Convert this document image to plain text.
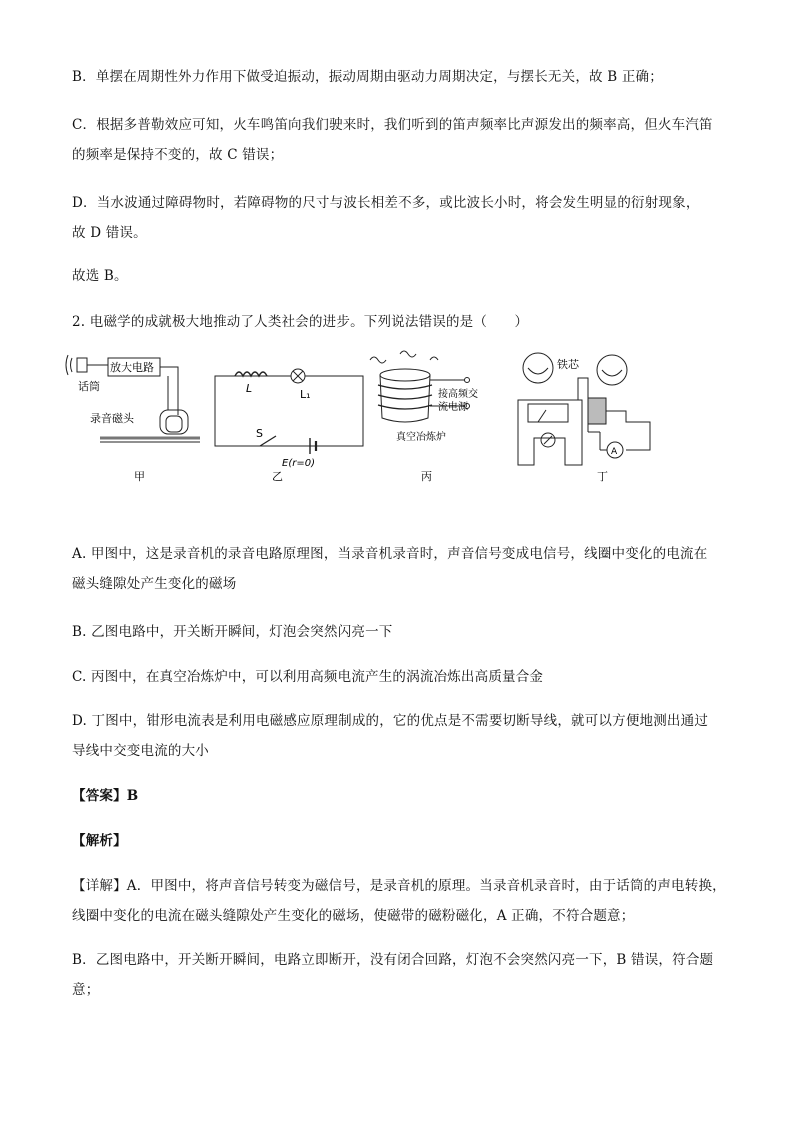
B．单摆在周期性外力作用下做受迫振动，振动周期由驱动力周期决定，与摆长无关，故 B 正确；
C．根据多普勒效应可知，火车鸣笛向我们驶来时，我们听到的笛声频率比声源发出的频率高，但火车汽笛
的频率是保持不变的，故 C 错误；
D．当水波通过障碍物时，若障碍物的尺寸与波长相差不多，或比波长小时，将会发生明显的衍射现象，
故 D 错误。
故选 B。
2. 电磁学的成就极大地推动了人类社会的进步。下列说法错误的是（　　）
放大电路
话筒
录音磁头
甲
L	L₁
S
E(r=0)
乙
接高频交
流电源
真空冶炼炉
丙
铁芯
A
丁
A. 甲图中，这是录音机的录音电路原理图，当录音机录音时，声音信号变成电信号，线圈中变化的电流在
磁头缝隙处产生变化的磁场
B. 乙图电路中，开关断开瞬间，灯泡会突然闪亮一下
C. 丙图中，在真空冶炼炉中，可以利用高频电流产生的涡流冶炼出高质量合金
D. 丁图中，钳形电流表是利用电磁感应原理制成的，它的优点是不需要切断导线，就可以方便地测出通过
导线中交变电流的大小
【答案】B
【解析】
【详解】A．甲图中，将声音信号转变为磁信号，是录音机的原理。当录音机录音时，由于话筒的声电转换，
线圈中变化的电流在磁头缝隙处产生变化的磁场，使磁带的磁粉磁化，A 正确，不符合题意；
B．乙图电路中，开关断开瞬间，电路立即断开，没有闭合回路，灯泡不会突然闪亮一下，B 错误，符合题
意；
